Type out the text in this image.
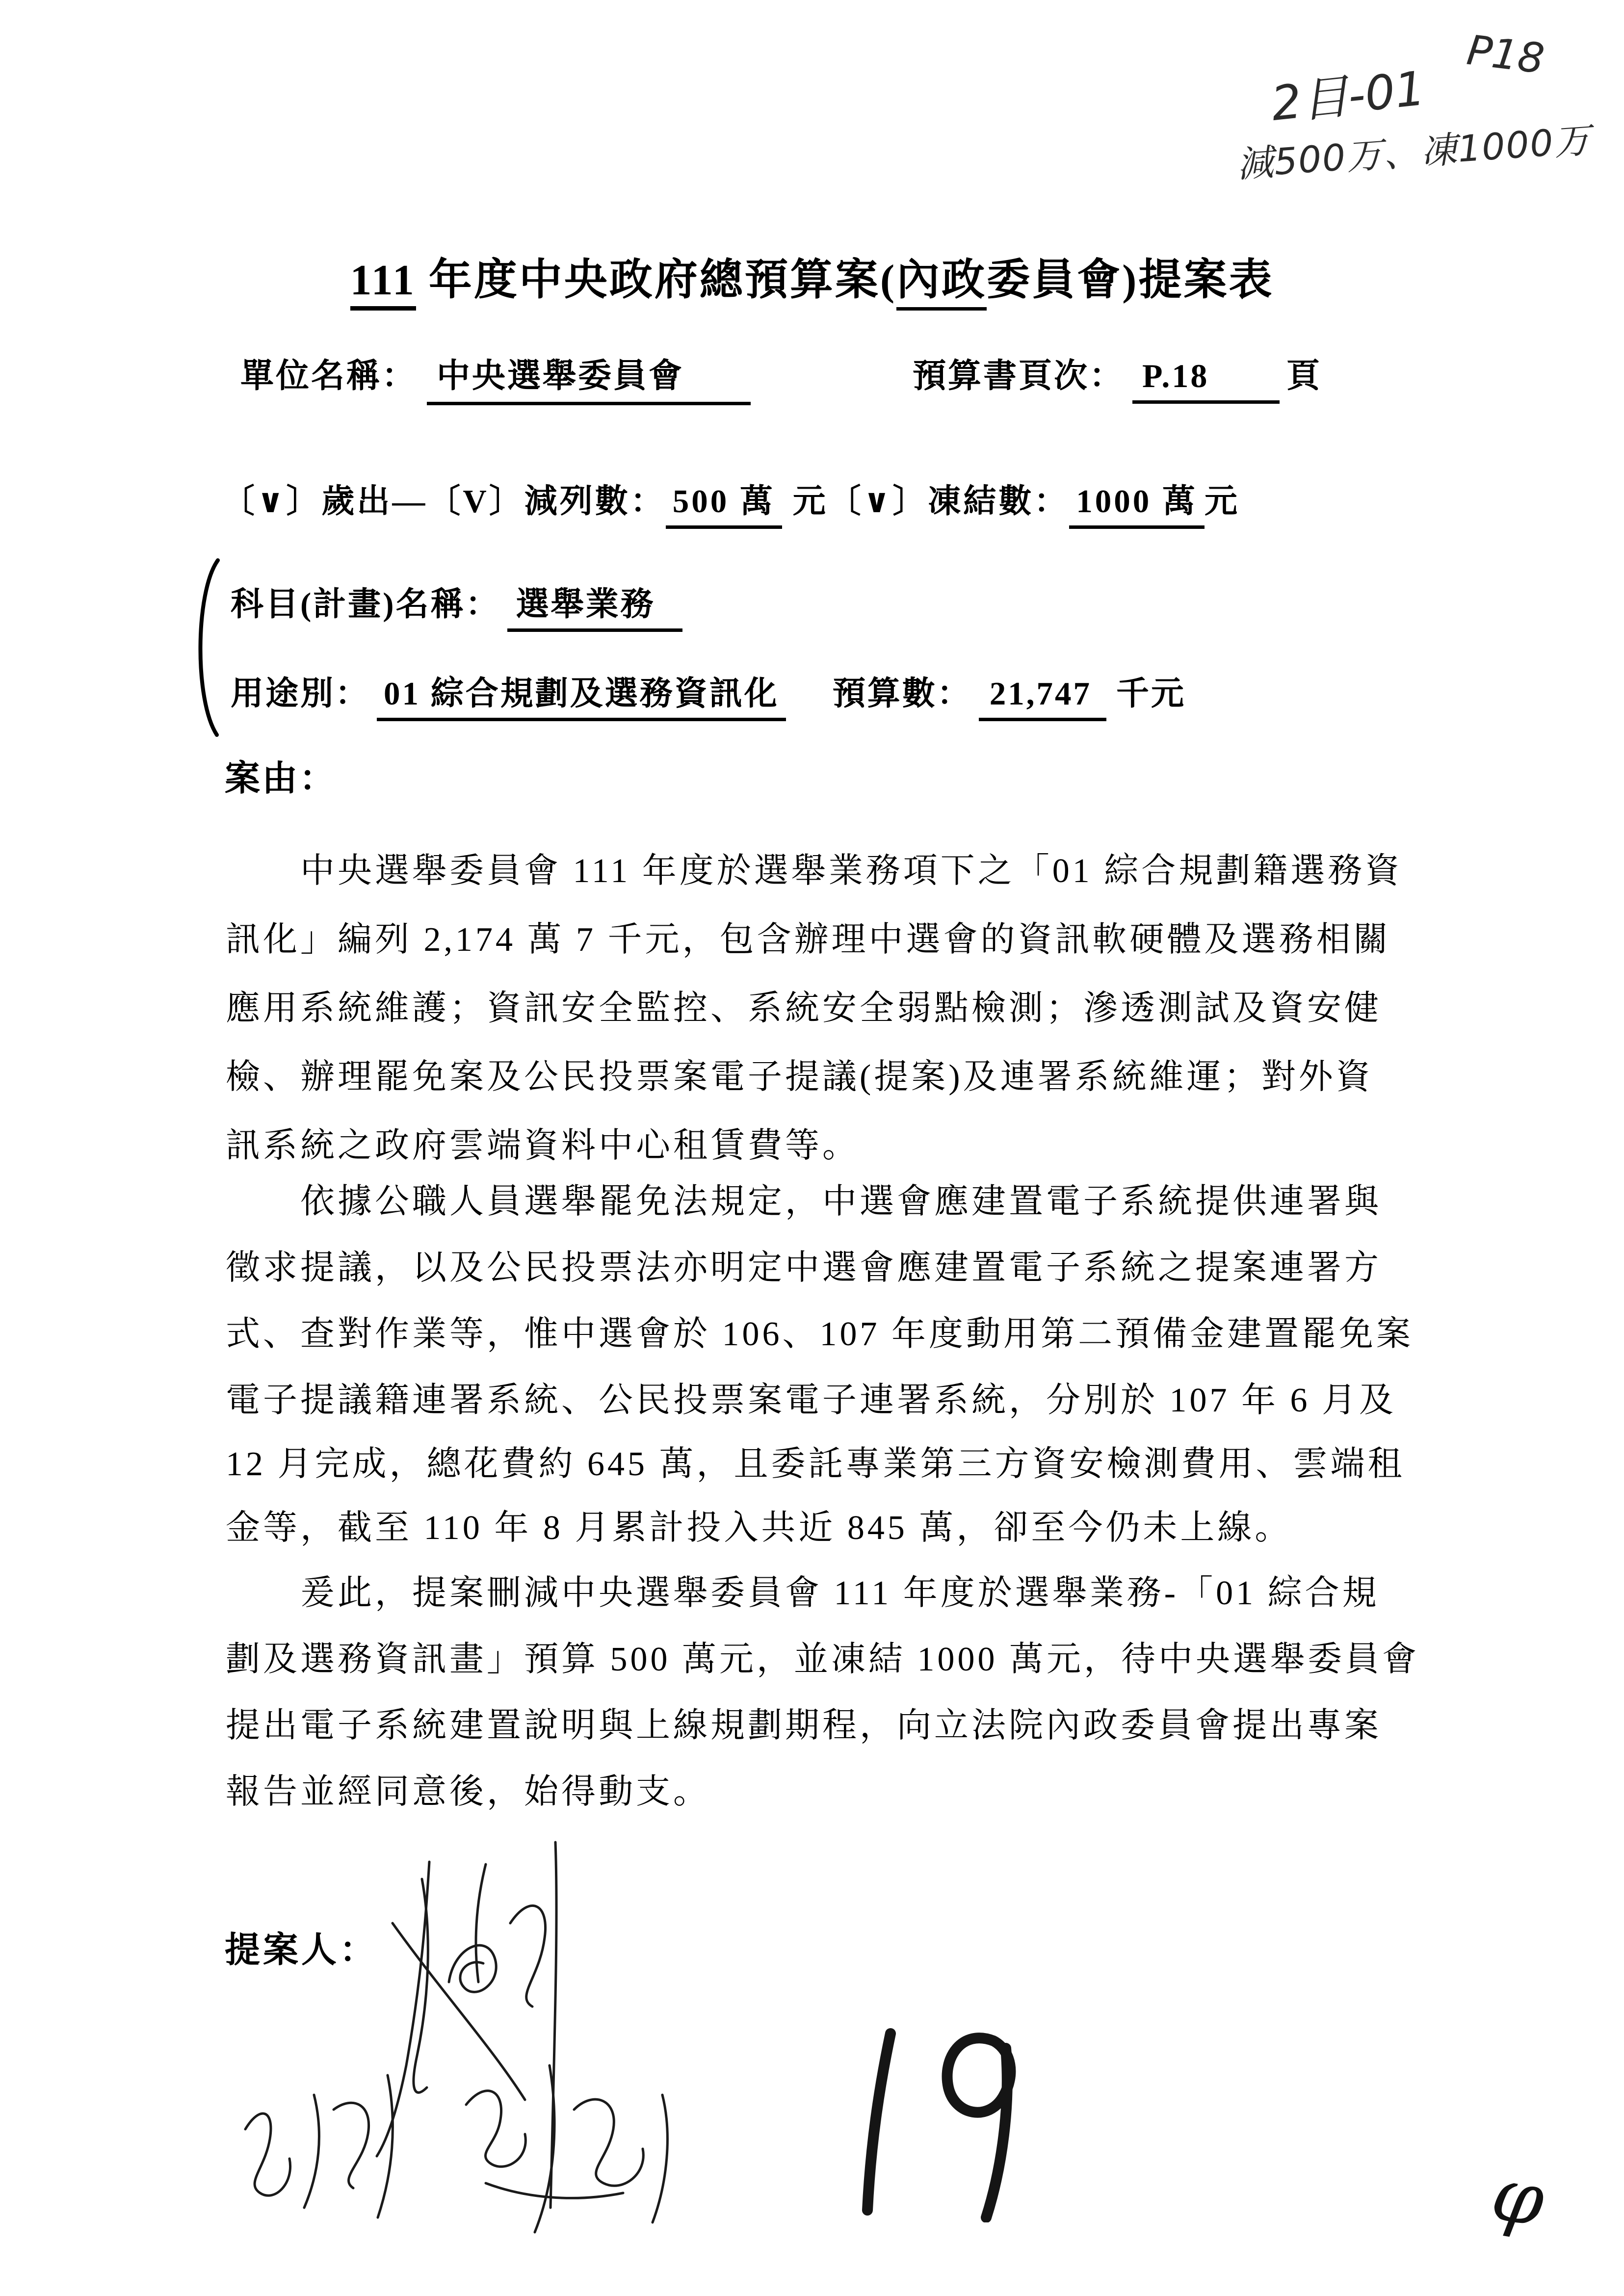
2目-01
P18
減500万、凍1000万
111 年度中央政府總預算案(內政委員會)提案表
單位名稱： 中央選舉委員會	預算書頁次： P.18 頁
〔∨〕歲出—〔V〕減列數： 500 萬 元〔∨〕凍結數： 1000 萬 元
科目(計畫)名稱： 選舉業務
用途別： 01 綜合規劃及選務資訊化 預算數： 21,747 千元
案由：
中央選舉委員會 111 年度於選舉業務項下之「01 綜合規劃籍選務資
訊化」編列 2,174 萬 7 千元，包含辦理中選會的資訊軟硬體及選務相關
應用系統維護；資訊安全監控、系統安全弱點檢測；滲透測試及資安健
檢、辦理罷免案及公民投票案電子提議(提案)及連署系統維運；對外資
訊系統之政府雲端資料中心租賃費等。
依據公職人員選舉罷免法規定，中選會應建置電子系統提供連署與
徵求提議，以及公民投票法亦明定中選會應建置電子系統之提案連署方
式、查對作業等，惟中選會於 106、107 年度動用第二預備金建置罷免案
電子提議籍連署系統、公民投票案電子連署系統，分別於 107 年 6 月及
12 月完成，總花費約 645 萬，且委託專業第三方資安檢測費用、雲端租
金等，截至 110 年 8 月累計投入共近 845 萬，卻至今仍未上線。
爰此，提案刪減中央選舉委員會 111 年度於選舉業務-「01 綜合規
劃及選務資訊畫」預算 500 萬元，並凍結 1000 萬元，待中央選舉委員會
提出電子系統建置說明與上線規劃期程，向立法院內政委員會提出專案
報告並經同意後，始得動支。
提案人：
φ
